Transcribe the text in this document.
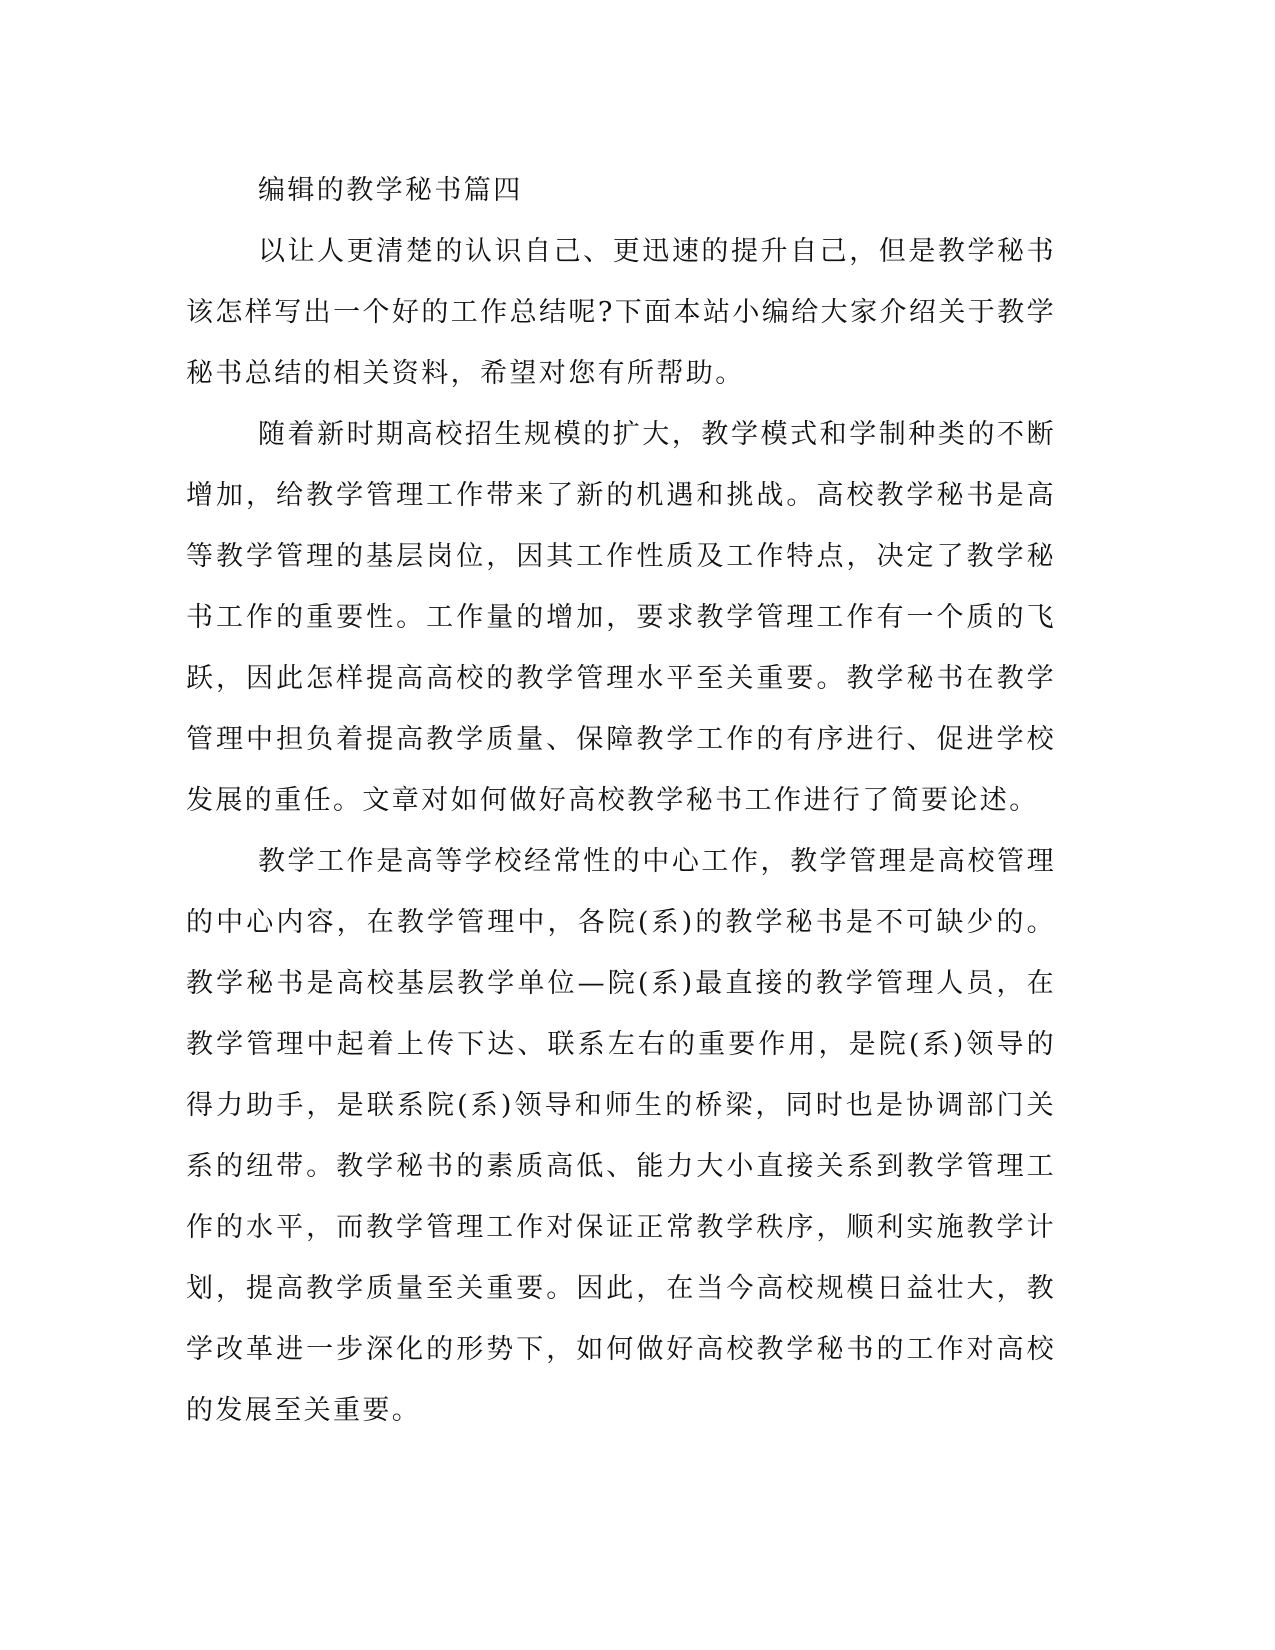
编辑的教学秘书篇四

以让人更清楚的认识自己、更迅速的提升自己，但是教学秘书该怎样写出一个好的工作总结呢?下面本站小编给大家介绍关于教学秘书总结的相关资料，希望对您有所帮助。

随着新时期高校招生规模的扩大，教学模式和学制种类的不断增加，给教学管理工作带来了新的机遇和挑战。高校教学秘书是高等教学管理的基层岗位，因其工作性质及工作特点，决定了教学秘书工作的重要性。工作量的增加，要求教学管理工作有一个质的飞跃，因此怎样提高高校的教学管理水平至关重要。教学秘书在教学管理中担负着提高教学质量、保障教学工作的有序进行、促进学校发展的重任。文章对如何做好高校教学秘书工作进行了简要论述。

教学工作是高等学校经常性的中心工作，教学管理是高校管理的中心内容，在教学管理中，各院(系)的教学秘书是不可缺少的。教学秘书是高校基层教学单位—院(系)最直接的教学管理人员，在教学管理中起着上传下达、联系左右的重要作用，是院(系)领导的得力助手，是联系院(系)领导和师生的桥梁，同时也是协调部门关系的纽带。教学秘书的素质高低、能力大小直接关系到教学管理工作的水平，而教学管理工作对保证正常教学秩序，顺利实施教学计划，提高教学质量至关重要。因此，在当今高校规模日益壮大，教学改革进一步深化的形势下，如何做好高校教学秘书的工作对高校的发展至关重要。
